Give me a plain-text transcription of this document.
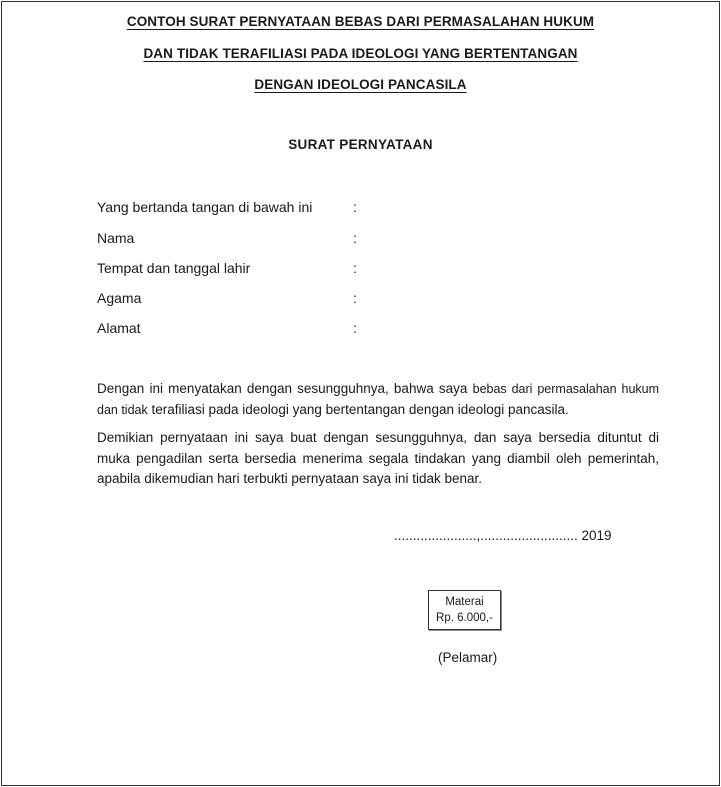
CONTOH SURAT PERNYATAAN BEBAS DARI PERMASALAHAN HUKUM
DAN TIDAK TERAFILIASI PADA IDEOLOGI YANG BERTENTANGAN
DENGAN IDEOLOGI PANCASILA
SURAT PERNYATAAN
Yang bertanda tangan di bawah ini	:
Nama	:
Tempat dan tanggal lahir	:
Agama	:
Alamat	:
Dengan ini menyatakan dengan sesungguhnya, bahwa saya bebas dari permasalahan hukum dan tidak terafiliasi pada ideologi yang bertentangan dengan ideologi pancasila.
Demikian pernyataan ini saya buat dengan sesungguhnya, dan saya bersedia dituntut di muka pengadilan serta bersedia menerima segala tindakan yang diambil oleh pemerintah, apabila dikemudian hari terbukti pernyataan saya ini tidak benar.
......................,.......................... 2019
Materai
Rp. 6.000,-
(Pelamar)
